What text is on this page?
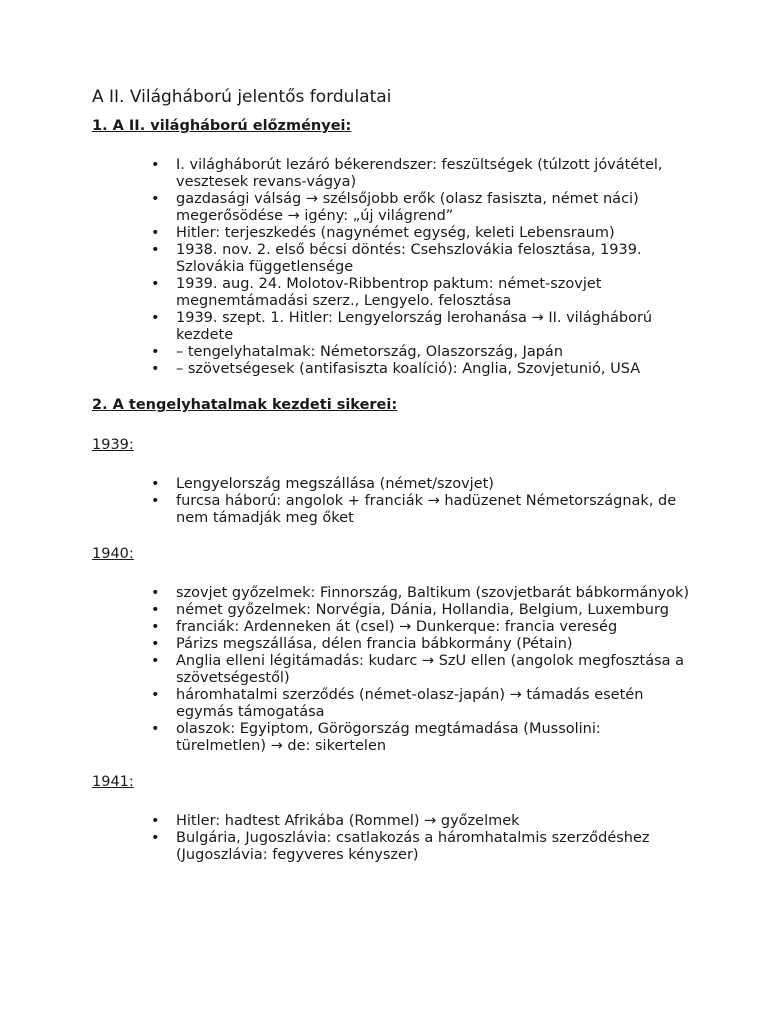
A II. Világháború jelentős fordulatai
1. A II. világháború előzményei:
• I. világháborút lezáró békerendszer: feszültségek (túlzott jóvátétel, vesztesek revans-vágya)
• gazdasági válság → szélsőjobb erők (olasz fasiszta, német náci) megerősödése → igény: „új világrend”
• Hitler: terjeszkedés (nagynémet egység, keleti Lebensraum)
• 1938. nov. 2. első bécsi döntés: Csehszlovákia felosztása, 1939. Szlovákia függetlensége
• 1939. aug. 24. Molotov-Ribbentrop paktum: német-szovjet megnemtámadási szerz., Lengyelo. felosztása
• 1939. szept. 1. Hitler: Lengyelország lerohanása → II. világháború kezdete
• – tengelyhatalmak: Németország, Olaszország, Japán
• – szövetségesek (antifasiszta koalíció): Anglia, Szovjetunió, USA
2. A tengelyhatalmak kezdeti sikerei:
1939:
• Lengyelország megszállása (német/szovjet)
• furcsa háború: angolok + franciák → hadüzenet Németországnak, de nem támadják meg őket
1940:
• szovjet győzelmek: Finnország, Baltikum (szovjetbarát bábkormányok)
• német győzelmek: Norvégia, Dánia, Hollandia, Belgium, Luxemburg
• franciák: Ardenneken át (csel) → Dunkerque: francia vereség
• Párizs megszállása, délen francia bábkormány (Pétain)
• Anglia elleni légitámadás: kudarc → SzU ellen (angolok megfosztása a szövetségestől)
• háromhatalmi szerződés (német-olasz-japán) → támadás esetén egymás támogatása
• olaszok: Egyiptom, Görögország megtámadása (Mussolini: türelmetlen) → de: sikertelen
1941:
• Hitler: hadtest Afrikába (Rommel) → győzelmek
• Bulgária, Jugoszlávia: csatlakozás a háromhatalmis szerződéshez (Jugoszlávia: fegyveres kényszer)
